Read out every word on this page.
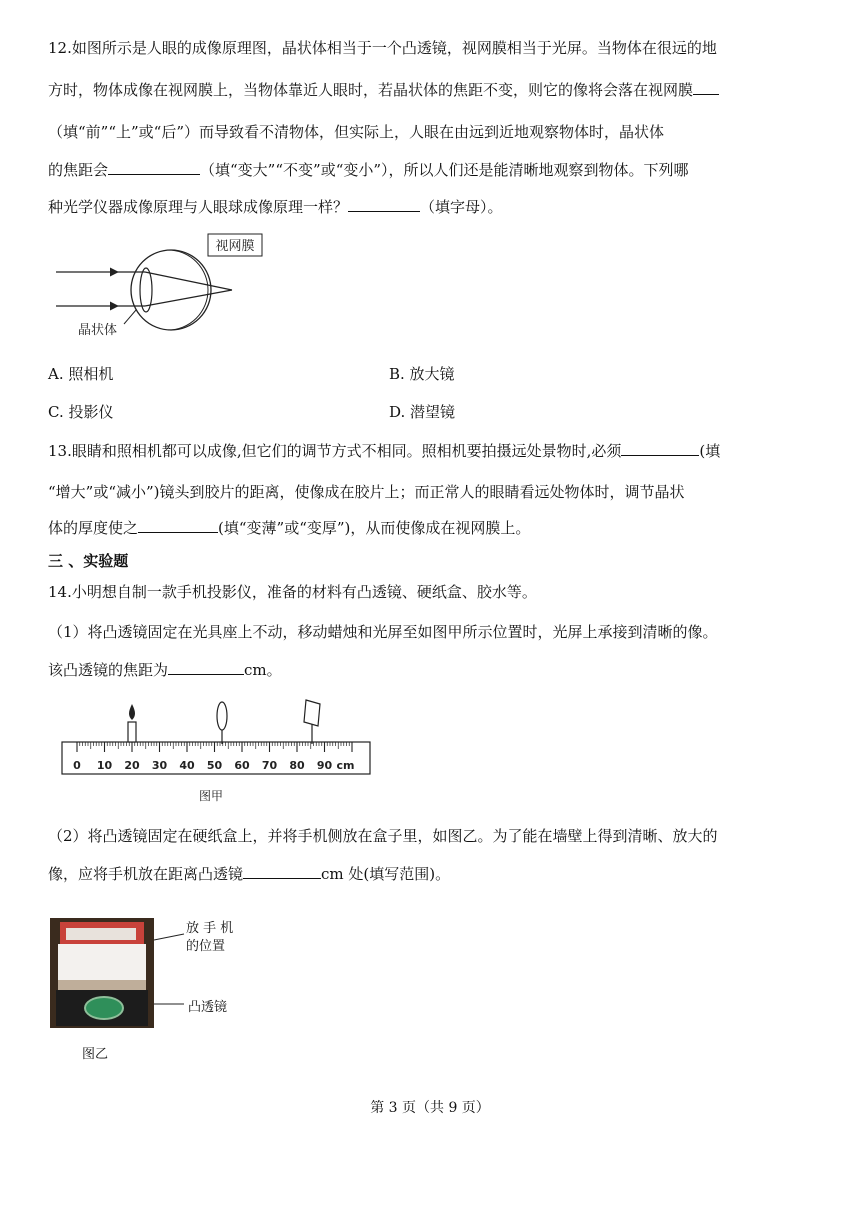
12.如图所示是人眼的成像原理图，晶状体相当于一个凸透镜，视网膜相当于光屏。当物体在很远的地
方时，物体成像在视网膜上，当物体靠近人眼时，若晶状体的焦距不变，则它的像将会落在视网膜
（填“前”“上”或“后”）而导致看不清物体，但实际上，人眼在由远到近地观察物体时，晶状体
的焦距会	（填“变大”“不变”或“变小”），所以人们还是能清晰地观察到物体。下列哪
种光学仪器成像原理与人眼球成像原理一样？	（填字母）。
视网膜
晶状体
A. 照相机	B. 放大镜
C. 投影仪	D. 潜望镜
13.眼睛和照相机都可以成像,但它们的调节方式不相同。照相机要拍摄远处景物时,必须	(填
“增大”或“减小”)镜头到胶片的距离，使像成在胶片上；而正常人的眼睛看远处物体时，调节晶状
体的厚度使之	(填“变薄”或“变厚”)，从而使像成在视网膜上。
三 、实验题
14.小明想自制一款手机投影仪，准备的材料有凸透镜、硬纸盒、胶水等。
（1）将凸透镜固定在光具座上不动，移动蜡烛和光屏至如图甲所示位置时，光屏上承接到清晰的像。
该凸透镜的焦距为	cm。
0 10 20 30 40 50 60 70 80 90 cm
图甲
（2）将凸透镜固定在硬纸盒上，并将手机侧放在盒子里，如图乙。为了能在墙壁上得到清晰、放大的
像，应将手机放在距离凸透镜	cm 处(填写范围)。
放 手 机
的位置
凸透镜
图乙
第 3 页（共 9 页）
